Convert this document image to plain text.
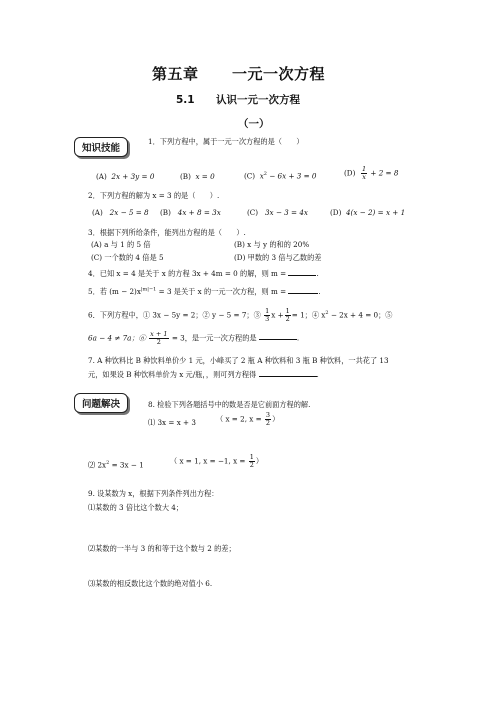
第五章 一元一次方程
5.1 认识一元一次方程
（一）
知识技能
1．下列方程中，属于一元一次方程的是（　　）
(A) 2x + 3y = 0	(B) x = 0	(C) $x^2 - 6x + 3 = 0$	$(D) \frac{1}{x} + 2 = 8$
2．下列方程的解为 x = 3 的是（　　）.
(A) 2x − 5 = 8 (B) 4x + 8 = 3x	(C) 3x − 3 = 4x	(D) 4(x − 2) = x + 1
3．根据下列所给条件，能列出方程的是（　　）.
(A) a 与 1 的 5 倍	(B) x 与 y 的和的 20%
(C) 一个数的 4 倍是 5	(D) 甲数的 3 倍与乙数的差
4．已知 x = 4 是关于 x 的方程 3x + 4m = 0 的解，则 m =	.
5．若 $(m - 2)x^{|m|-1} = 3$ 是关于 x 的一元一次方程，则 m =	.
6．下列方程中，① 3x − 5y = 2；② y − 5 = 7；③ $\frac{1}{3}$ $x + \frac{1}{2} = 1$；④ $x^2 - 2x + 4 = 0$；⑤
6a − 4 ≠ 7a；⑥ $\frac{x + 1}{2} = 3$，是一元一次方程的是	.
7. A 种饮料比 B 种饮料单价少 1 元，小峰买了 2 瓶 A 种饮料和 3 瓶 B 种饮料，一共花了 13
元，如果设 B 种饮料单价为 x 元/瓶，，则可列方程得	.
问题解决	8. 检验下列各题括号中的数是否是它前面方程的解.
⑴ 3x = x + 3	（ x = 2, $x = \frac{3}{2}$ ）
⑵ $2x^2 = 3x - 1$	（ x = 1, x = −1, $x = \frac{1}{2}$ ）
9. 设某数为 x，根据下列条件列出方程：
⑴某数的 3 倍比这个数大 4；
⑵某数的一半与 3 的和等于这个数与 2 的差；
⑶某数的相反数比这个数的绝对值小 6.
